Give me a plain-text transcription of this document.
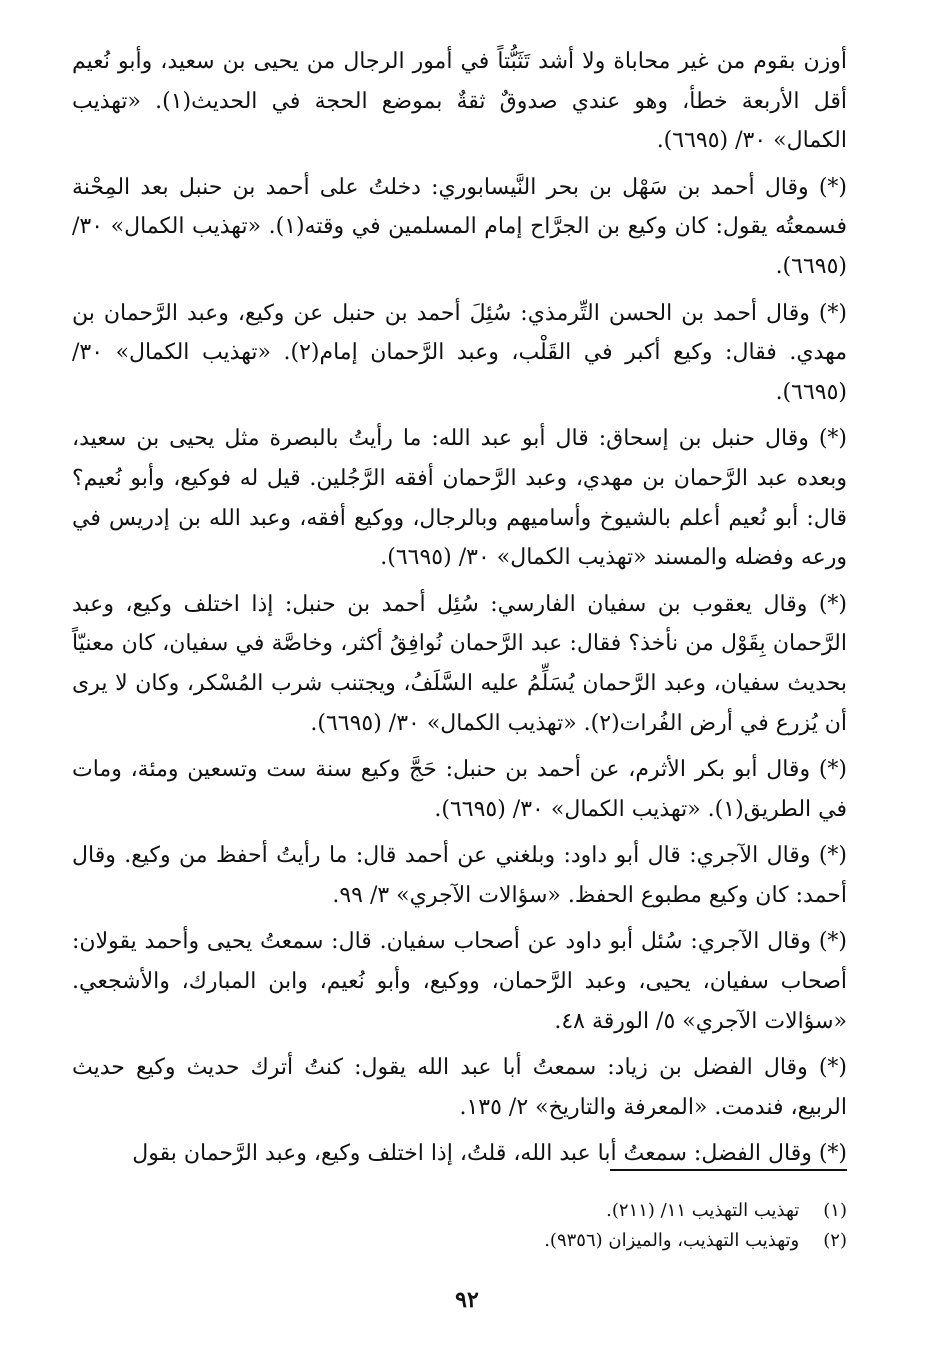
أوزن بقوم من غير محاباة ولا أشد تَثَبُّتاً في أمور الرجال من يحيى بن سعيد، وأبو نُعيم أقل الأربعة خطأ، وهو عندي صدوقٌ ثقةٌ بموضع الحجة في الحديث(١). «تهذيب الكمال» ٣٠/ (٦٦٩٥).

(*) وقال أحمد بن سَهْل بن بحر النَّيسابوري: دخلتُ على أحمد بن حنبل بعد المِحْنة فسمعتُه يقول: كان وكيع بن الجرَّاح إمام المسلمين في وقته(١). «تهذيب الكمال» ٣٠/ (٦٦٩٥).

(*) وقال أحمد بن الحسن التِّرمذي: سُئِلَ أحمد بن حنبل عن وكيع، وعبد الرَّحمان بن مهدي. فقال: وكيع أكبر في القَلْب، وعبد الرَّحمان إمام(٢). «تهذيب الكمال» ٣٠/ (٦٦٩٥).

(*) وقال حنبل بن إسحاق: قال أبو عبد الله: ما رأيتُ بالبصرة مثل يحيى بن سعيد، وبعده عبد الرَّحمان بن مهدي، وعبد الرَّحمان أفقه الرَّجُلين. قيل له فوكيع، وأبو نُعيم؟ قال: أبو نُعيم أعلم بالشيوخ وأساميهم وبالرجال، ووكيع أفقه، وعبد الله بن إدريس في ورعه وفضله والمسند «تهذيب الكمال» ٣٠/ (٦٦٩٥).

(*) وقال يعقوب بن سفيان الفارسي: سُئِل أحمد بن حنبل: إذا اختلف وكيع، وعبد الرَّحمان بِقَوْل من نأخذ؟ فقال: عبد الرَّحمان نُوافِقُ أكثر، وخاصَّة في سفيان، كان معنيّاً بحديث سفيان، وعبد الرَّحمان يُسَلِّمُ عليه السَّلَفُ، ويجتنب شرب المُسْكر، وكان لا يرى أن يُزرع في أرض الفُرات(٢). «تهذيب الكمال» ٣٠/ (٦٦٩٥).

(*) وقال أبو بكر الأثرم، عن أحمد بن حنبل: حَجَّ وكيع سنة ست وتسعين ومئة، ومات في الطريق(١). «تهذيب الكمال» ٣٠/ (٦٦٩٥).

(*) وقال الآجري: قال أبو داود: وبلغني عن أحمد قال: ما رأيتُ أحفظ من وكيع. وقال أحمد: كان وكيع مطبوع الحفظ. «سؤالات الآجري» ٣/ ٩٩.

(*) وقال الآجري: سُئل أبو داود عن أصحاب سفيان. قال: سمعتُ يحيى وأحمد يقولان: أصحاب سفيان، يحيى، وعبد الرَّحمان، ووكيع، وأبو نُعيم، وابن المبارك، والأشجعي. «سؤالات الآجري» ٥/ الورقة ٤٨.

(*) وقال الفضل بن زياد: سمعتُ أبا عبد الله يقول: كنتُ أترك حديث وكيع حديث الربيع، فندمت. «المعرفة والتاريخ» ٢/ ١٣٥.

(*) وقال الفضل: سمعتُ أبا عبد الله، قلتُ، إذا اختلف وكيع، وعبد الرَّحمان بقول

(١) تهذيب التهذيب ١١/ (٢١١).
(٢) وتهذيب التهذيب، والميزان (٩٣٥٦).
٩٢
